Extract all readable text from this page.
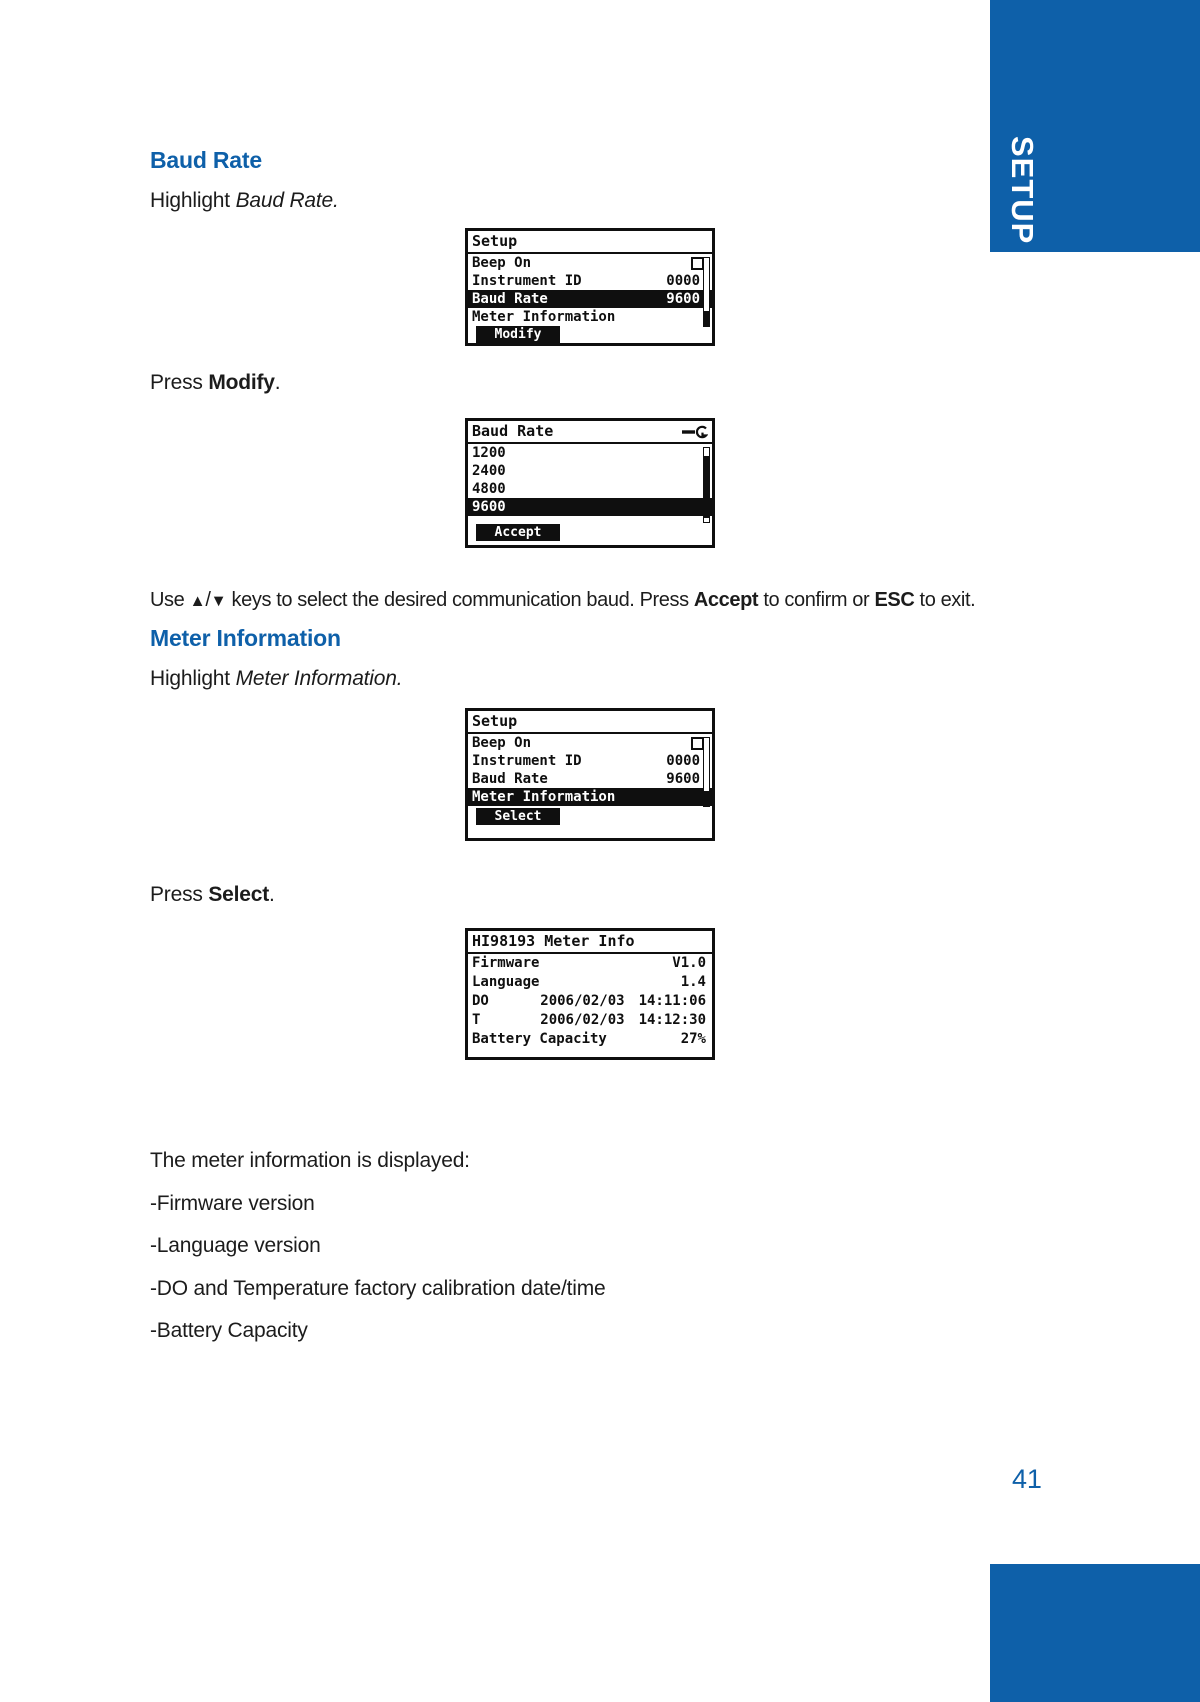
SETUP
41
Baud Rate
Highlight Baud Rate.
Setup
Beep On
Instrument ID	0000
Baud Rate	9600
Meter Information
Modify
Press Modify.
Baud Rate
1200
2400
4800
9600
Accept
Use ▲/▼ keys to select the desired communication baud. Press Accept to confirm or ESC to exit.
Meter Information
Highlight Meter Information.
Setup
Beep On
Instrument ID	0000
Baud Rate	9600
Meter Information
Select
Press Select.
HI98193 Meter Info
Firmware	V1.0
Language	1.4
DO	2006/02/03 14:11:06
T	2006/02/03 14:12:30
Battery Capacity	27%
The meter information is displayed:
-Firmware version
-Language version
-DO and Temperature factory calibration date/time
-Battery Capacity
